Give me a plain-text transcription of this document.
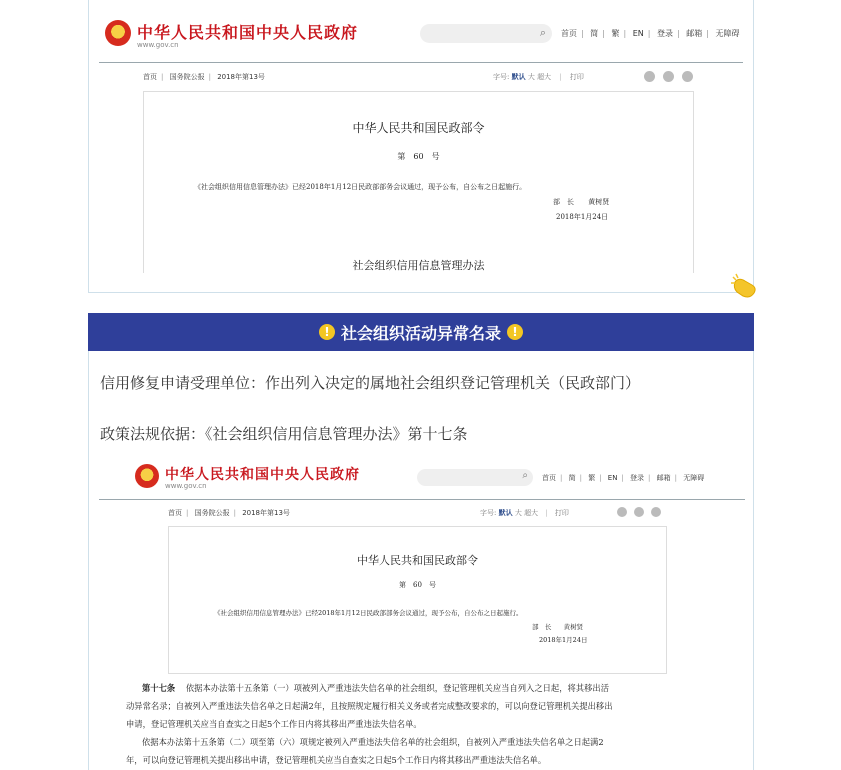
中华人民共和国中央人民政府
www.gov.cn
⌕ 首页 | 简 | 繁 | EN | 登录 | 邮箱 | 无障碍
首页 | 国务院公报 | 2018年第13号	字号: 默认 大 超大 | 打印
中华人民共和国民政部令
第　60　号
《社会组织信用信息管理办法》已经2018年1月12日民政部部务会议通过，现予公布，自公布之日起施行。
部　长 黄树贤
2018年1月24日
社会组织信用信息管理办法
! 社会组织活动异常名录 !
信用修复申请受理单位：作出列入决定的属地社会组织登记管理机关（民政部门）
政策法规依据：《社会组织信用信息管理办法》第十七条
中华人民共和国中央人民政府
www.gov.cn
⌕ 首页 | 简 | 繁 | EN | 登录 | 邮箱 | 无障碍
首页 | 国务院公报 | 2018年第13号	字号: 默认 大 超大 | 打印
中华人民共和国民政部令
第　60　号
《社会组织信用信息管理办法》已经2018年1月12日民政部部务会议通过，现予公布，自公布之日起施行。
部　长 黄树贤
2018年1月24日
第十七条 依据本办法第十五条第（一）项被列入严重违法失信名单的社会组织，登记管理机关应当自列入之日起，将其移出活
动异常名录；自被列入严重违法失信名单之日起满2年，且按照规定履行相关义务或者完成整改要求的，可以向登记管理机关提出移出
申请，登记管理机关应当自查实之日起5个工作日内将其移出严重违法失信名单。
依据本办法第十五条第（二）项至第（六）项规定被列入严重违法失信名单的社会组织，自被列入严重违法失信名单之日起满2
年，可以向登记管理机关提出移出申请，登记管理机关应当自查实之日起5个工作日内将其移出严重违法失信名单。
